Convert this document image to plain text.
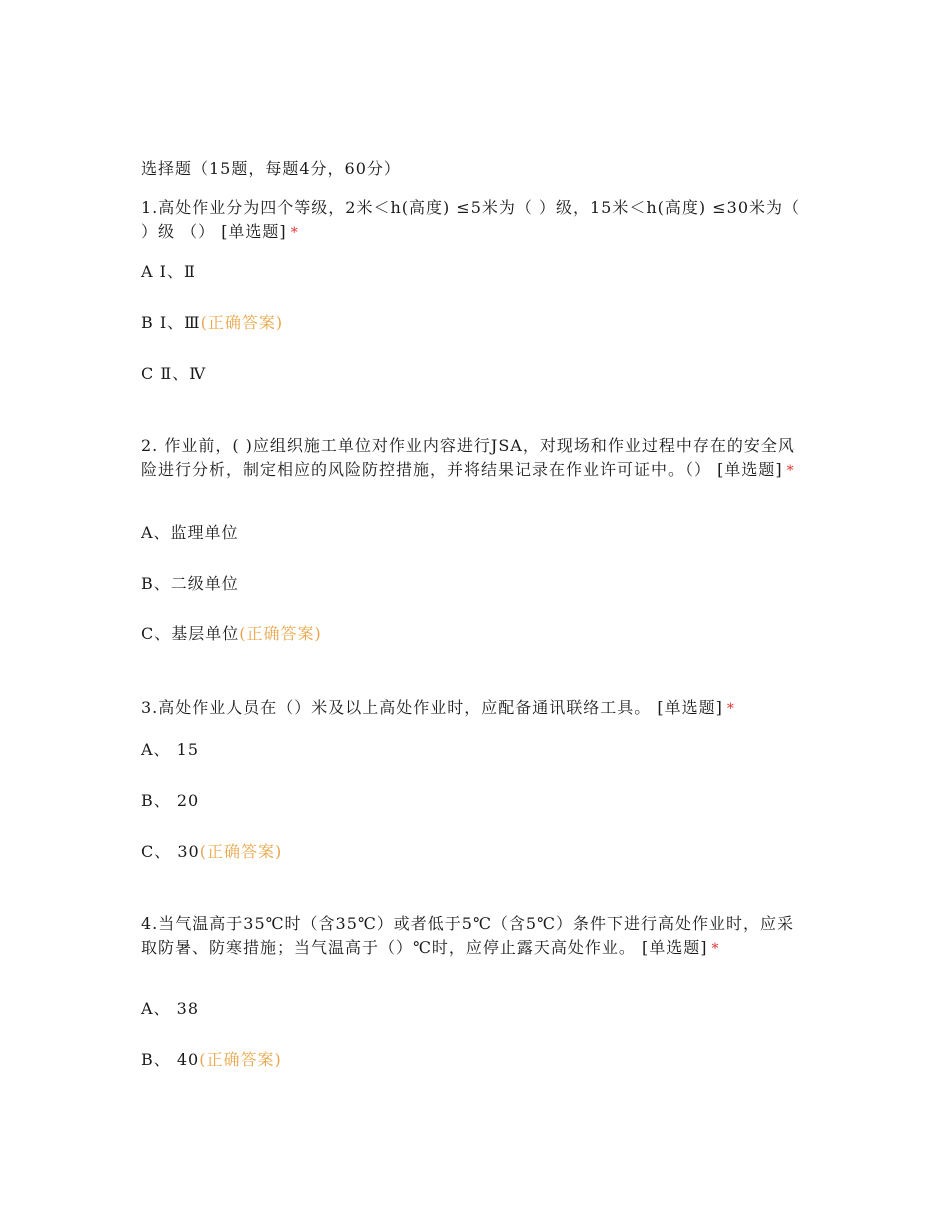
选择题（15题，每题4分，60分）

1.高处作业分为四个等级，2米＜h(高度) ≤5米为（ ）级，15米＜h(高度) ≤30米为（ ）级 （） [单选题] *

A Ⅰ、Ⅱ
B Ⅰ、Ⅲ(正确答案)
C Ⅱ、Ⅳ

2. 作业前，( )应组织施工单位对作业内容进行JSA，对现场和作业过程中存在的安全风险进行分析，制定相应的风险防控措施，并将结果记录在作业许可证中。（） [单选题] *

A、监理单位
B、二级单位
C、基层单位(正确答案)

3.高处作业人员在（）米及以上高处作业时，应配备通讯联络工具。 [单选题] *

A、 15
B、 20
C、 30(正确答案)

4.当气温高于35℃时（含35℃）或者低于5℃（含5℃）条件下进行高处作业时，应采取防暑、防寒措施；当气温高于（）℃时，应停止露天高处作业。 [单选题] *

A、 38
B、 40(正确答案)
